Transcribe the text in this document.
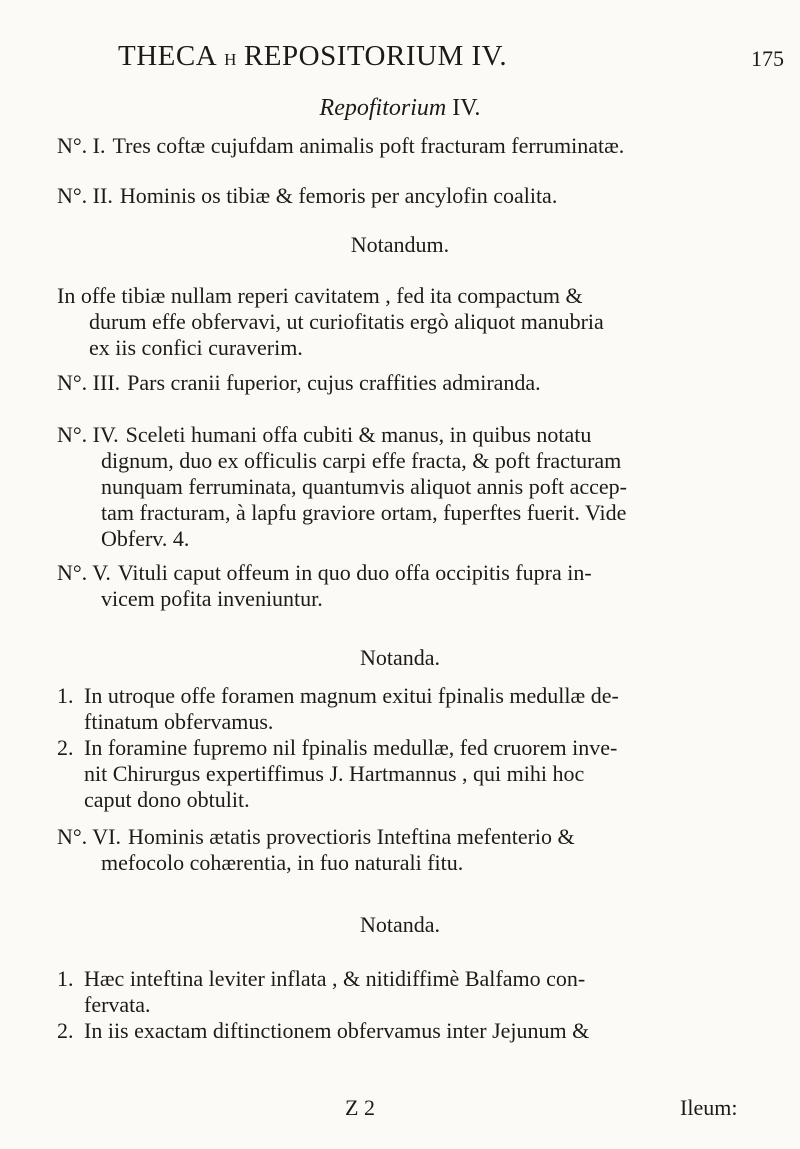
THECA H REPOSITORIUM IV.	175
Repofitorium IV.
N°. I. Tres coftæ cujufdam animalis poft fracturam ferruminatæ.
N°. II. Hominis os tibiæ & femoris per ancylofin coalita.
Notandum.
In offe tibiæ nullam reperi cavitatem , fed ita compactum &
durum effe obfervavi, ut curiofitatis ergò aliquot manubria
ex iis confici curaverim.
N°. III. Pars cranii fuperior, cujus craffities admiranda.
N°. IV. Sceleti humani offa cubiti & manus, in quibus notatu
dignum, duo ex officulis carpi effe fracta, & poft fracturam
nunquam ferruminata, quantumvis aliquot annis poft accep-
tam fracturam, à lapfu graviore ortam, fuperftes fuerit. Vide
Obferv. 4.
N°. V. Vituli caput offeum in quo duo offa occipitis fupra in-
vicem pofita inveniuntur.
Notanda.
1. In utroque offe foramen magnum exitui fpinalis medullæ de-
ftinatum obfervamus.
2. In foramine fupremo nil fpinalis medullæ, fed cruorem inve-
nit Chirurgus expertiffimus J. Hartmannus , qui mihi hoc
caput dono obtulit.
N°. VI. Hominis ætatis provectioris Inteftina mefenterio &
mefocolo cohærentia, in fuo naturali fitu.
Notanda.
1. Hæc inteftina leviter inflata , & nitidiffimè Balfamo con-
fervata.
2. In iis exactam diftinctionem obfervamus inter Jejunum &
Z 2	Ileum:
